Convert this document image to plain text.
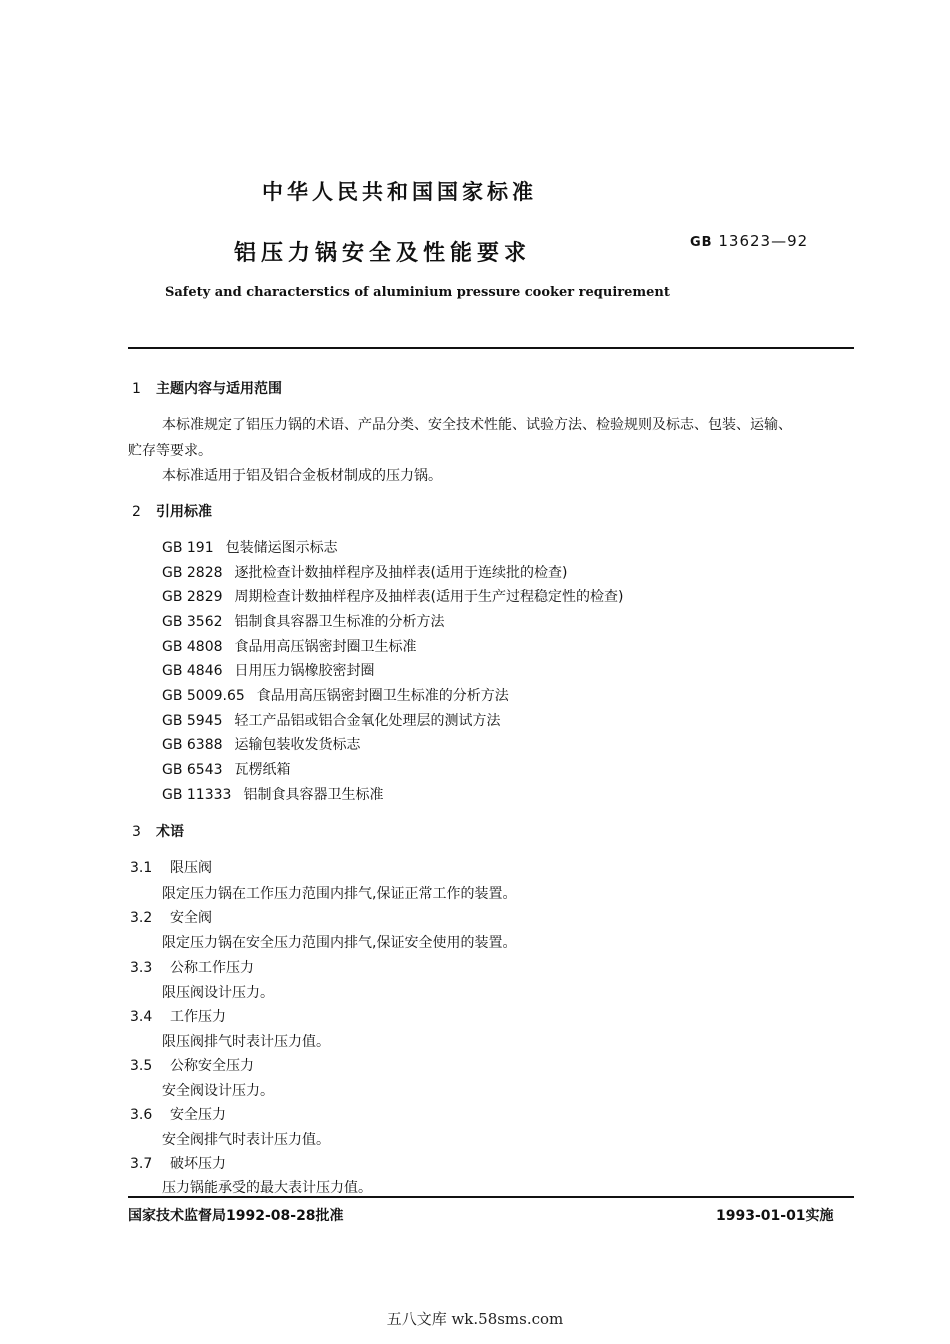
中华人民共和国国家标准
铝压力锅安全及性能要求	GB 13623—92
Safety and characterstics of aluminium pressure cooker requirement
1 主题内容与适用范围
本标准规定了铝压力锅的术语、产品分类、安全技术性能、试验方法、检验规则及标志、包装、运输、
贮存等要求。
本标准适用于铝及铝合金板材制成的压力锅。
2 引用标准
GB 191 包装储运图示标志
GB 2828 逐批检查计数抽样程序及抽样表(适用于连续批的检查)
GB 2829 周期检查计数抽样程序及抽样表(适用于生产过程稳定性的检查)
GB 3562 铝制食具容器卫生标准的分析方法
GB 4808 食品用高压锅密封圈卫生标准
GB 4846 日用压力锅橡胶密封圈
GB 5009.65 食品用高压锅密封圈卫生标准的分析方法
GB 5945 轻工产品铝或铝合金氧化处理层的测试方法
GB 6388 运输包装收发货标志
GB 6543 瓦楞纸箱
GB 11333 铝制食具容器卫生标准
3 术语
3.1 限压阀
限定压力锅在工作压力范围内排气,保证正常工作的装置。
3.2 安全阀
限定压力锅在安全压力范围内排气,保证安全使用的装置。
3.3 公称工作压力
限压阀设计压力。
3.4 工作压力
限压阀排气时表计压力值。
3.5 公称安全压力
安全阀设计压力。
3.6 安全压力
安全阀排气时表计压力值。
3.7 破坏压力
压力锅能承受的最大表计压力值。
国家技术监督局1992-08-28批准	1993-01-01实施
五八文库 wk.58sms.com
